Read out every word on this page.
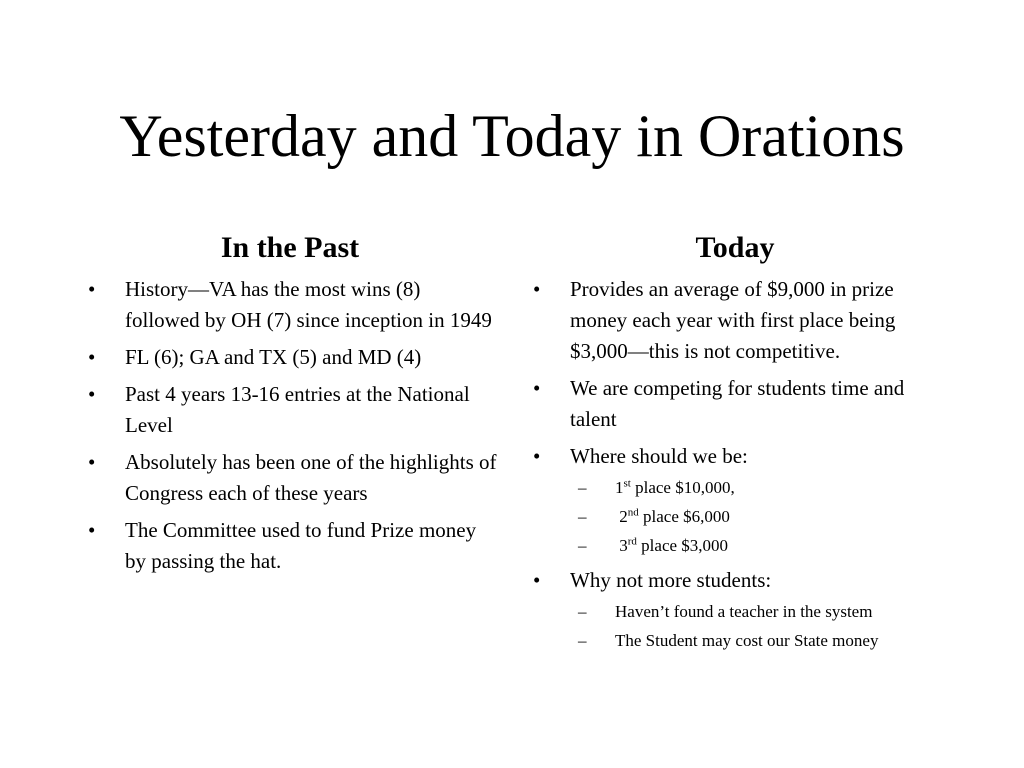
Yesterday and Today in Orations
In the Past
• History—VA has the most wins (8) followed by OH (7) since inception in 1949
• FL (6); GA and TX (5) and MD (4)
• Past 4 years 13-16 entries at the National Level
• Absolutely has been one of the highlights of Congress each of these years
• The Committee used to fund Prize money by passing the hat.
Today
• Provides an average of $9,000 in prize money each year with first place being $3,000—this is not competitive.
• We are competing for students time and talent
• Where should we be:
– 1st place $10,000,
– 2nd place $6,000
– 3rd place $3,000
• Why not more students:
– Haven’t found a teacher in the system
– The Student may cost our State money
